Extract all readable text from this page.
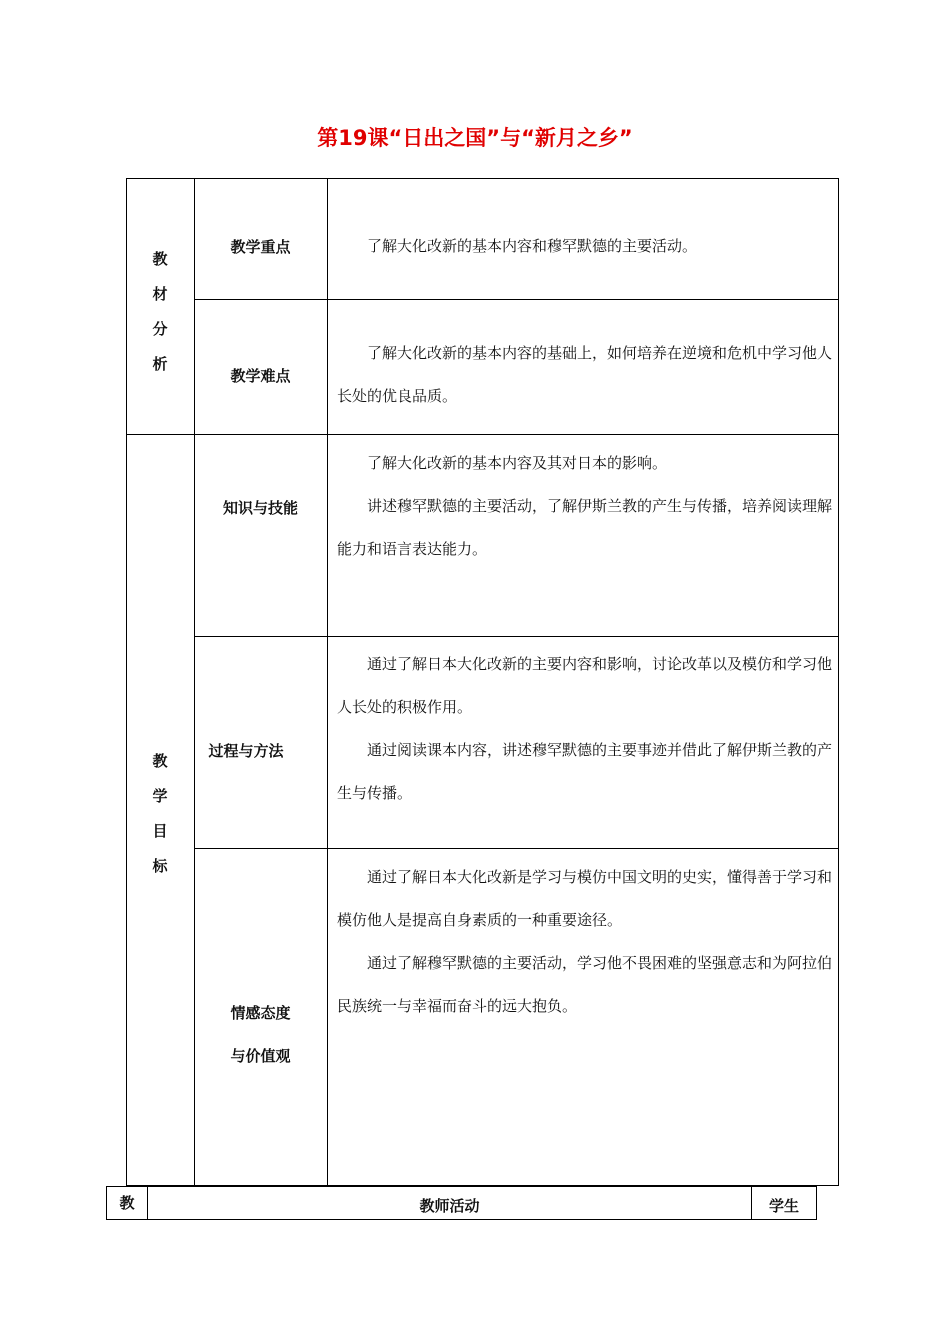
第19课“日出之国”与“新月之乡”
教
材
分
析
教
学
目
标
教学重点
教学难点
知识与技能
过程与方法
情感态度
与价值观

了解大化改新的基本内容和穆罕默德的主要活动。

了解大化改新的基本内容的基础上，如何培养在逆境和危机中学习他人长处的优良品质。

了解大化改新的基本内容及其对日本的影响。

讲述穆罕默德的主要活动，了解伊斯兰教的产生与传播，培养阅读理解能力和语言表达能力。

通过了解日本大化改新的主要内容和影响，讨论改革以及模仿和学习他人长处的积极作用。

通过阅读课本内容，讲述穆罕默德的主要事迹并借此了解伊斯兰教的产生与传播。

通过了解日本大化改新是学习与模仿中国文明的史实，懂得善于学习和模仿他人是提高自身素质的一种重要途径。

通过了解穆罕默德的主要活动，学习他不畏困难的坚强意志和为阿拉伯民族统一与幸福而奋斗的远大抱负。

教	教师活动	学生
